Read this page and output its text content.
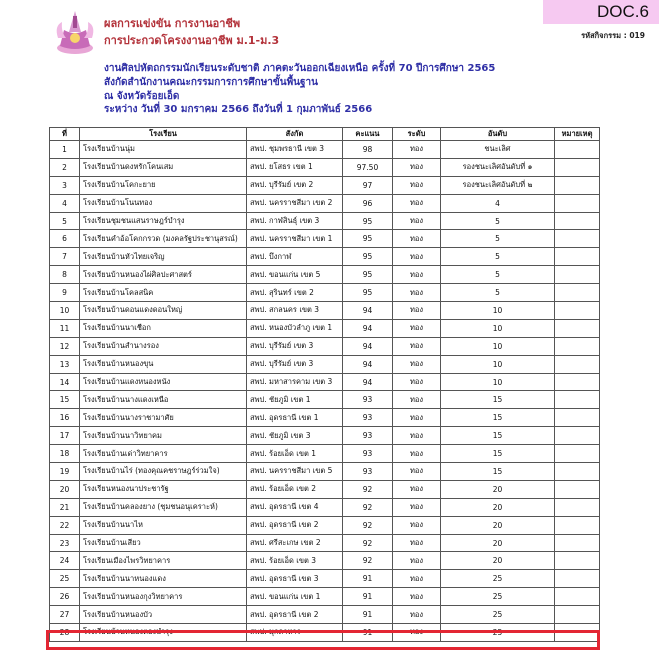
DOC.6
รหัสกิจกรรม : 019
ผลการแข่งขัน การงานอาชีพ
การประกวดโครงงานอาชีพ ม.1-ม.3
งานศิลปหัตถกรรมนักเรียนระดับชาติ ภาคตะวันออกเฉียงเหนือ ครั้งที่ 70 ปีการศึกษา 2565
สังกัดสำนักงานคณะกรรมการการศึกษาขั้นพื้นฐาน
ณ จังหวัดร้อยเอ็ด
ระหว่าง วันที่ 30 มกราคม 2566 ถึงวันที่ 1 กุมภาพันธ์ 2566
ที่	โรงเรียน	สังกัด	คะแนน	ระดับ	อันดับ	หมายเหตุ
1	โรงเรียนบ้านนุ่ม	สพป. ชุมพรธานี เขต 3	98	ทอง	ชนะเลิศ	
2	โรงเรียนบ้านดงหรักโคนเสม	สพป. ยโสธร เขต 1	97.50	ทอง	รองชนะเลิศอันดับที่ ๑	
3	โรงเรียนบ้านโคกะยาย	สพป. บุรีรัมย์ เขต 2	97	ทอง	รองชนะเลิศอันดับที่ ๒	
4	โรงเรียนบ้านโนนทอง	สพป. นครราชสีมา เขต 2	96	ทอง	4	
5	โรงเรียนชุมชนแสนราษฎร์บำรุง	สพป. กาฬสินธุ์ เขต 3	95	ทอง	5	
6	โรงเรียนคำอ้อโคกกรวด (มงคลรัฐประชานุสรณ์)	สพป. นครราชสีมา เขต 1	95	ทอง	5	
7	โรงเรียนบ้านหัวไทยเจริญ	สพป. บึงกาฬ	95	ทอง	5	
8	โรงเรียนบ้านหนองไผ่ศิลปะศาสตร์	สพป. ขอนแก่น เขต 5	95	ทอง	5	
9	โรงเรียนบ้านโคลสนิค	สพป. สุรินทร์ เขต 2	95	ทอง	5	
10	โรงเรียนบ้านดอนแดงดอนใหญ่	สพป. สกลนคร เขต 3	94	ทอง	10	
11	โรงเรียนบ้านนาเชือก	สพป. หนองบัวลำภู เขต 1	94	ทอง	10	
12	โรงเรียนบ้านสำนางรอง	สพป. บุรีรัมย์ เขต 3	94	ทอง	10	
13	โรงเรียนบ้านหนองขุน	สพป. บุรีรัมย์ เขต 3	94	ทอง	10	
14	โรงเรียนบ้านแดงหนองหนัง	สพป. มหาสารคาม เขต 3	94	ทอง	10	
15	โรงเรียนบ้านนางแดงเหนือ	สพป. ชัยภูมิ เขต 1	93	ทอง	15	
16	โรงเรียนบ้านนางราชามาศัย	สพป. อุดรธานี เขต 1	93	ทอง	15	
17	โรงเรียนบ้านนาวิทยาคม	สพป. ชัยภูมิ เขต 3	93	ทอง	15	
18	โรงเรียนบ้านเด่าวิทยาคาร	สพป. ร้อยเอ็ด เขต 1	93	ทอง	15	
19	โรงเรียนบ้านไร่ (ทองคุณคชราษฎร์ร่วมใจ)	สพป. นครราชสีมา เขต 5	93	ทอง	15	
20	โรงเรียนหนองนาประชารัฐ	สพป. ร้อยเอ็ด เขต 2	92	ทอง	20	
21	โรงเรียนบ้านคลองยาง (ชุมชนอนุเคราะห์)	สพป. อุดรธานี เขต 4	92	ทอง	20	
22	โรงเรียนบ้านนาไห	สพป. อุดรธานี เขต 2	92	ทอง	20	
23	โรงเรียนบ้านเสียว	สพป. ศรีสะเกษ เขต 2	92	ทอง	20	
24	โรงเรียนเมืองไพรวิทยาคาร	สพป. ร้อยเอ็ด เขต 3	92	ทอง	20	
25	โรงเรียนบ้านนาหนองแดง	สพป. อุดรธานี เขต 3	91	ทอง	25	
26	โรงเรียนบ้านหนองกุงวิทยาคาร	สพป. ขอนแก่น เขต 1	91	ทอง	25	
27	โรงเรียนบ้านหนองบัว	สพป. อุดรธานี เขต 2	91	ทอง	25	
28	โรงเรียนบ้านหนองตองบำรุง	สพป. มุกดาหาร	91	ทอง	25	
